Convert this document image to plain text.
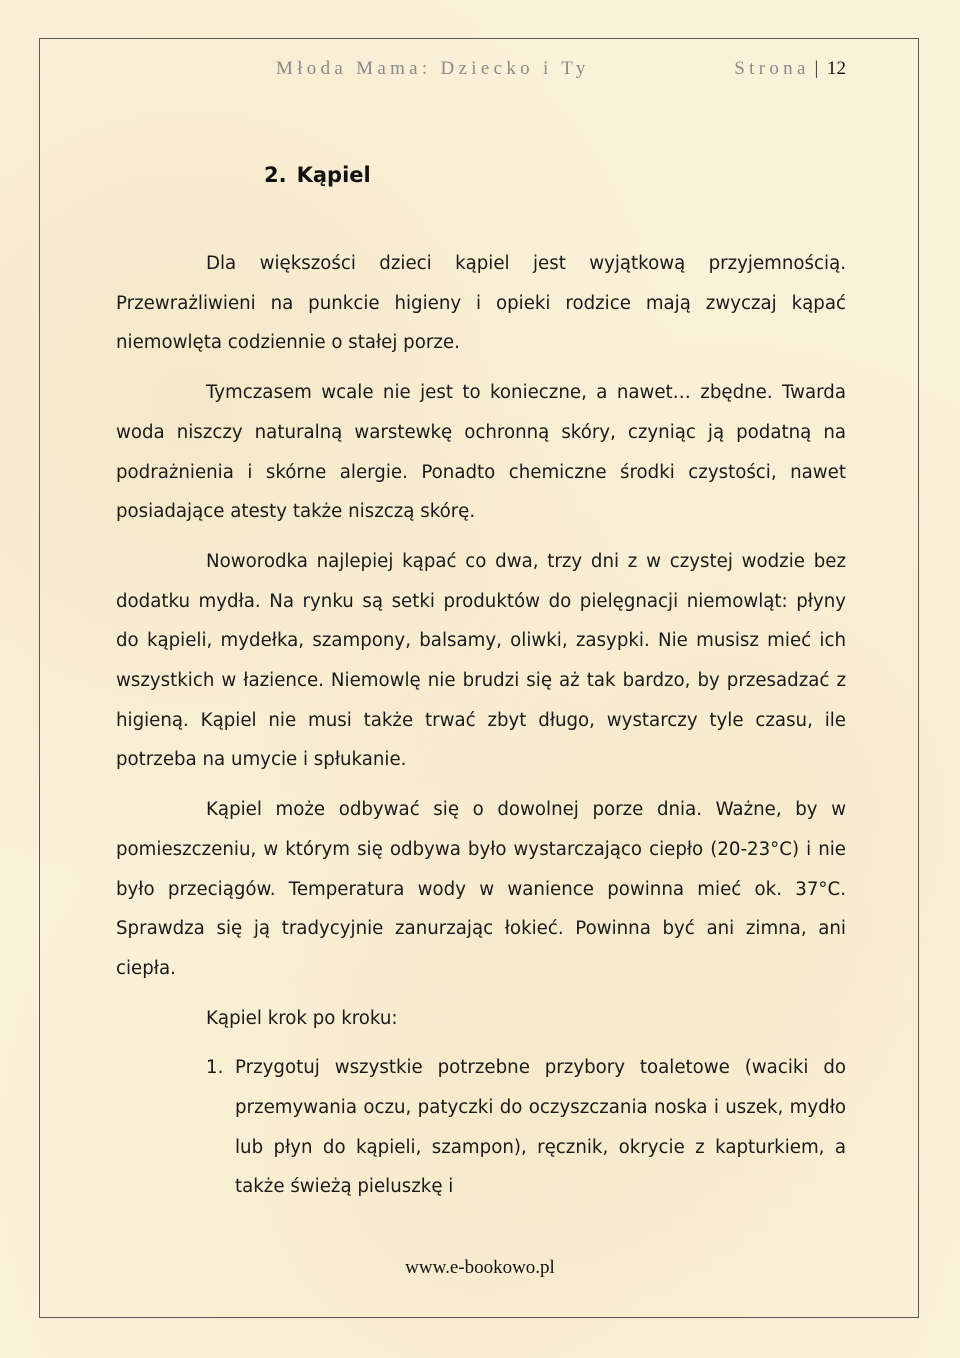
Młoda Mama: Dziecko i Ty	Strona | 12
2. Kąpiel

Dla większości dzieci kąpiel jest wyjątkową przyjemnością. Przewrażliwieni na punkcie higieny i opieki rodzice mają zwyczaj kąpać niemowlęta codziennie o stałej porze.

Tymczasem wcale nie jest to konieczne, a nawet… zbędne. Twarda woda niszczy naturalną warstewkę ochronną skóry, czyniąc ją podatną na podrażnienia i skórne alergie. Ponadto chemiczne środki czystości, nawet posiadające atesty także niszczą skórę.

Noworodka najlepiej kąpać co dwa, trzy dni z w czystej wodzie bez dodatku mydła. Na rynku są setki produktów do pielęgnacji niemowląt: płyny do kąpieli, mydełka, szampony, balsamy, oliwki, zasypki. Nie musisz mieć ich wszystkich w łazience. Niemowlę nie brudzi się aż tak bardzo, by przesadzać z higieną. Kąpiel nie musi także trwać zbyt długo, wystarczy tyle czasu, ile potrzeba na umycie i spłukanie.

Kąpiel może odbywać się o dowolnej porze dnia. Ważne, by w pomieszczeniu, w którym się odbywa było wystarczająco ciepło (20-23°C) i nie było przeciągów. Temperatura wody w wanience powinna mieć ok. 37°C. Sprawdza się ją tradycyjnie zanurzając łokieć. Powinna być ani zimna, ani ciepła.

Kąpiel krok po kroku:

1. Przygotuj wszystkie potrzebne przybory toaletowe (waciki do przemywania oczu, patyczki do oczyszczania noska i uszek, mydło lub płyn do kąpieli, szampon), ręcznik, okrycie z kapturkiem, a także świeżą pieluszkę i
www.e-bookowo.pl
